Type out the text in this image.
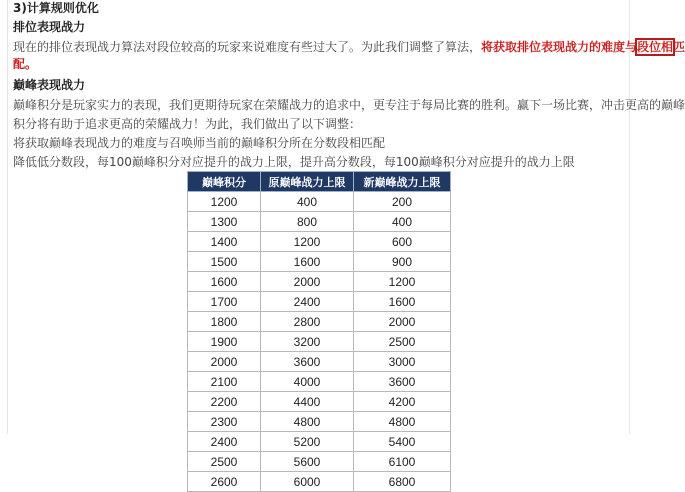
3)计算规则优化
排位表现战力
现在的排位表现战力算法对段位较高的玩家来说难度有些过大了。为此我们调整了算法，将获取排位表现战力的难度与段位相匹
配。
巅峰表现战力
巅峰积分是玩家实力的表现，我们更期待玩家在荣耀战力的追求中，更专注于每局比赛的胜利。赢下一场比赛，冲击更高的巅峰
积分将有助于追求更高的荣耀战力！为此，我们做出了以下调整：
将获取巅峰表现战力的难度与召唤师当前的巅峰积分所在分数段相匹配
降低低分数段，每100巅峰积分对应提升的战力上限，提升高分数段，每100巅峰积分对应提升的战力上限
巅峰积分	原巅峰战力上限	新巅峰战力上限
1200	400	200
1300	800	400
1400	1200	600
1500	1600	900
1600	2000	1200
1700	2400	1600
1800	2800	2000
1900	3200	2500
2000	3600	3000
2100	4000	3600
2200	4400	4200
2300	4800	4800
2400	5200	5400
2500	5600	6100
2600	6000	6800
